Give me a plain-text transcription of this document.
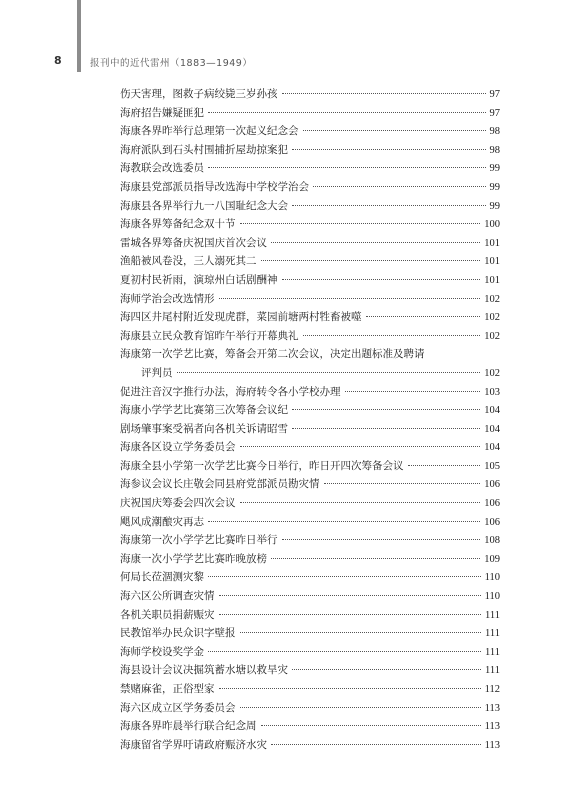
8	报刊中的近代雷州（1883—1949）
伤天害理，图救子病绞毙三岁孙孩	97
海府招告嫌疑匪犯	97
海康各界昨举行总理第一次起义纪念会	98
海府派队到石头村围捕折屋劫掠案犯	98
海教联会改选委员	99
海康县党部派员指导改选海中学校学治会	99
海康县各界举行九一八国耻纪念大会	99
海康各界筹备纪念双十节	100
雷城各界筹备庆祝国庆首次会议	101
渔船被风卷没，三人溺死其二	101
夏初村民祈雨，演琼州白话剧酬神	101
海师学治会改选情形	102
海四区井尾村附近发现虎群，菜园前塘两村牲畜被噬	102
海康县立民众教育馆昨午举行开幕典礼	102
海康第一次学艺比赛，筹备会开第二次会议，决定出题标准及聘请
评判员	102
促进注音汉字推行办法，海府转令各小学校办理	103
海康小学学艺比赛第三次筹备会议纪	104
剧场肇事案受祸者向各机关诉请昭雪	104
海康各区设立学务委员会	104
海康全县小学第一次学艺比赛今日举行，昨日开四次筹备会议	105
海参议会议长庄敬会同县府党部派员勘灾情	106
庆祝国庆筹委会四次会议	106
飓风成潮酿灾再志	106
海康第一次小学学艺比赛昨日举行	108
海康一次小学学艺比赛昨晚放榜	109
何局长莅涸测灾黎	110
海六区公所调查灾情	110
各机关职员捐薪赈灾	111
民教馆举办民众识字壁报	111
海师学校设奖学金	111
海县设计会议决掘筑蓄水塘以救旱灾	111
禁赌麻雀，正俗型家	112
海六区成立区学务委员会	113
海康各界昨晨举行联合纪念周	113
海康留省学界吁请政府赈济水灾	113
